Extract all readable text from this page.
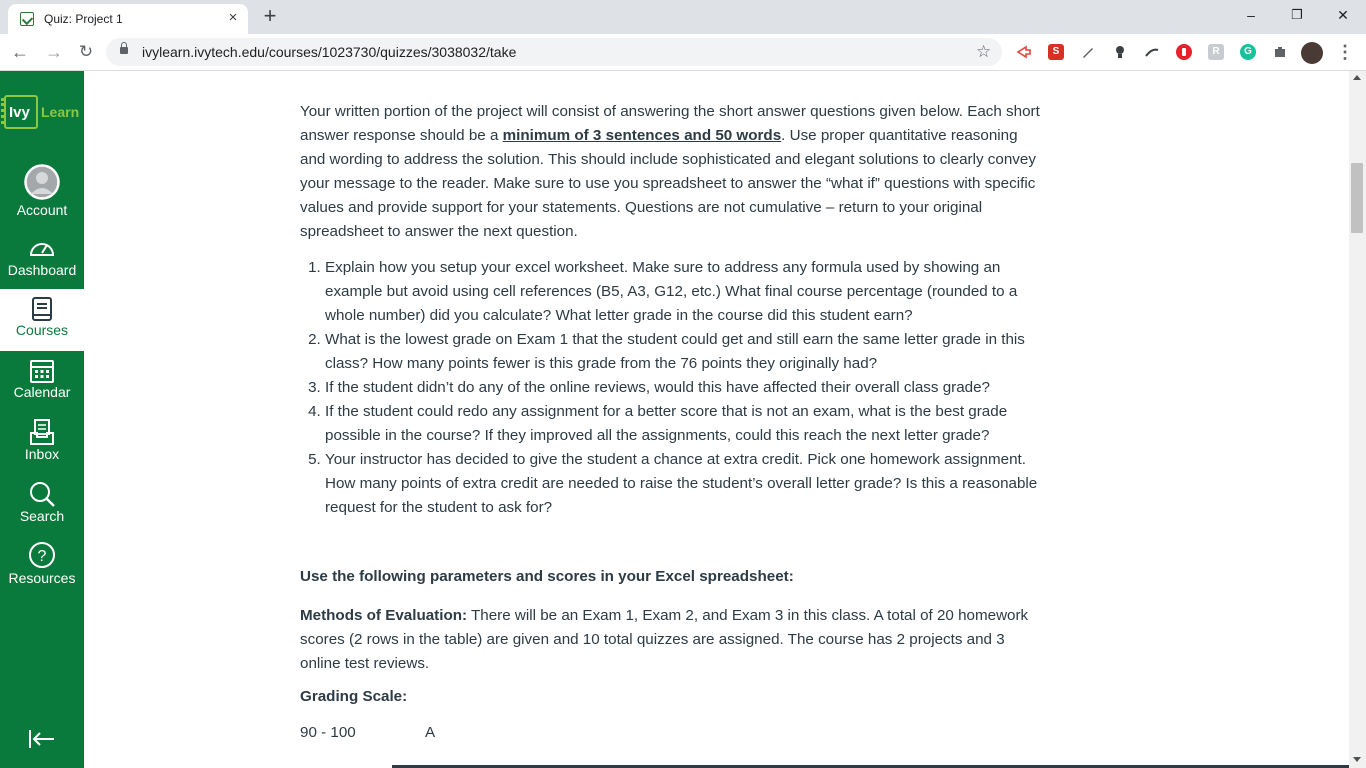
Quiz: Project 1	× +	–	❐	✕
← → ↻	ivylearn.ivytech.edu/courses/1023730/quizzes/3038032/take	☆	S	R	G	⋮
Ivy Learn
Account
Dashboard
Courses
Calendar
Inbox
Search
?
Resources

Your written portion of the project will consist of answering the short answer questions given below. Each short answer response should be a minimum of 3 sentences and 50 words. Use proper quantitative reasoning and wording to address the solution. This should include sophisticated and elegant solutions to clearly convey your message to the reader. Make sure to use you spreadsheet to answer the “what if” questions with specific values and provide support for your statements. Questions are not cumulative – return to your original spreadsheet to answer the next question.

1. Explain how you setup your excel worksheet. Make sure to address any formula used by showing an example but avoid using cell references (B5, A3, G12, etc.) What final course percentage (rounded to a whole number) did you calculate? What letter grade in the course did this student earn?
2. What is the lowest grade on Exam 1 that the student could get and still earn the same letter grade in this class? How many points fewer is this grade from the 76 points they originally had?
3. If the student didn’t do any of the online reviews, would this have affected their overall class grade?
4. If the student could redo any assignment for a better score that is not an exam, what is the best grade possible in the course? If they improved all the assignments, could this reach the next letter grade?
5. Your instructor has decided to give the student a chance at extra credit. Pick one homework assignment. How many points of extra credit are needed to raise the student’s overall letter grade? Is this a reasonable request for the student to ask for?
Use the following parameters and scores in your Excel spreadsheet:
Methods of Evaluation: There will be an Exam 1, Exam 2, and Exam 3 in this class. A total of 20 homework scores (2 rows in the table) are given and 10 total quizzes are assigned. The course has 2 projects and 3 online test reviews.
Grading Scale:
90 - 100	A
